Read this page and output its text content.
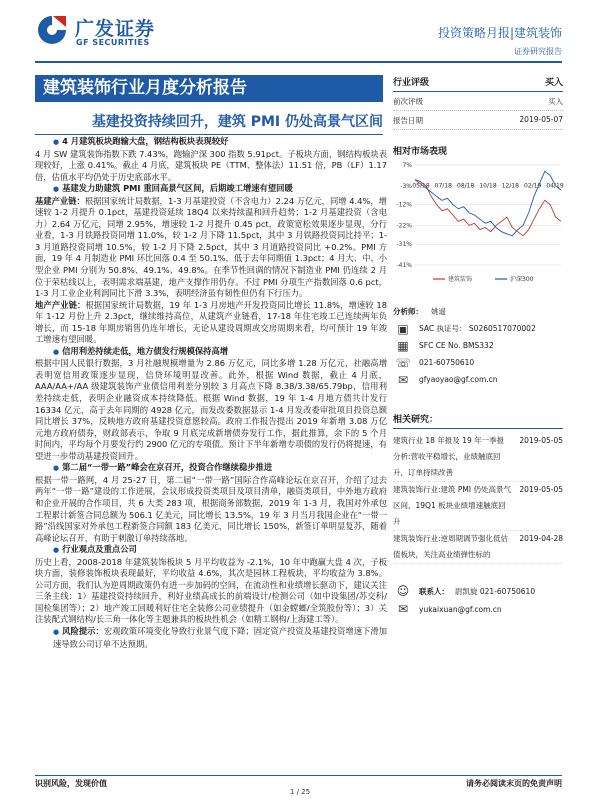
广发证券
GF SECURITIES
投资策略月报|建筑装饰
证券研究报告
建筑装饰行业月度分析报告
基建投资持续回升，建筑 PMI 仍处高景气区间

● 4 月建筑板块跑输大盘，钢结构板块表现较好

4 月 SW 建筑装饰指数下跌 7.43%，跑输沪深 300 指数 5.91pct。子板块方面，钢结构板块表现较好，上涨 0.41%。截止 4 月底，建筑板块 PE（TTM、整体法）11.51 倍，PB（LF）1.17 倍，估值水平均仍处于历史底部水平。

● 基建发力助建筑 PMI 重回高景气区间，后期竣工增速有望回暖

基建产业链：根据国家统计局数据，1-3 月基建投资（不含电力）2.24 万亿元，同增 4.4%，增速较 1-2 月提升 0.1pct，基建投资延续 18Q4 以来持续温和回升趋势；1-2 月基建投资（含电力）2.64 万亿元，同增 2.95%，增速较 1-2 月提升 0.45 pct，政策宽松效果逐步显现，分行业看，1-3 月铁路投资同增 11.0%，较 1-2 月下降 11.5pct，其中 3 月铁路投资同比持平；1-3 月道路投资同增 10.5%，较 1-2 月下降 2.5pct，其中 3 月道路投资同比 +0.2%。PMI 方面，19 年 4 月制造业 PMI 环比回落 0.4 至 50.1%，低于去年同期值 1.3pct；4 月大、中、小型企业 PMI 分别为 50.8%、49.1%、49.8%。在季节性回调的情况下制造业 PMI 仍连续 2 月位于荣枯线以上，表明需求端基建，地产支撑作用仍存。不过 PMI 分项生产指数回落 0.6 pct，1-3 月工业企业利润同比下滑 3.3%，表明经济虽有韧性但仍有下行压力。

地产产业链：根据国家统计局数据，19 年 1-3 月房地产开发投资同比增长 11.8%，增速较 18 年 1-12 月份上升 2.3pct，继续维持高位，从建筑产业链看，17-18 年住宅竣工已连续两年负增长，而 15-18 年期房销售仍连年增长，无论从建设周期或交房周期来看，均可预计 19 年竣工增速有望回暖。

● 信用利差持续走低，地方债发行规模保持高增

根据中国人民银行数据，3 月社融规模增量为 2.86 万亿元，同比多增 1.28 万亿元，社融高增表明宽信用政策逐步显现，信贷环境明显改善。此外，根据 Wind 数据，截止 4 月底，AAA/AA+/AA 级建筑装饰产业债信用利差分别较 3 月高点下降 8.38/3.38/65.79bp，信用利差持续走低，表明企业融资成本持续降低。根据 Wind 数据，19 年 1-4 月地方债共计发行 16334 亿元，高于去年同期的 4928 亿元，而发改委数据显示 1-4 月发改委审批项目投资总额同比增长 37%，反映地方政府基建投资意愿较高。政府工作报告提出 2019 年新增 3.08 万亿元地方政府债券，财政部表示，争取 9 月底完成新增债券发行工作，据此推算，余下的 5 个月时间内，平均每个月要发行约 2900 亿元的专项债。预计下半年新增专项债的发行仍将提速，有望进一步带动基建投资回升。

● 第二届“一带一路”峰会在京召开，投资合作继续稳步推进

根据一带一路网，4 月 25-27 日，第二届“一带一路”国际合作高峰论坛在京召开，介绍了过去两年“一带一路”建设的工作进展，会议形成投资类项目及项目清单，融资类项目，中外地方政府和企业开展的合作项目，共 6 大类 283 项，根据商务部数据，2019 年 1-3 月，我国对外承包工程累计新签合同总额为 506.1 亿美元，同比增长 13.5%，19 年 3 月当月我国企业在“一带一路”沿线国家对外承包工程新签合同额 183 亿美元，同比增长 150%，新签订单明显复苏，随着高峰论坛召开，有助于刺激订单持续落地。

● 行业观点及重点公司

历史上看，2008-2018 年建筑装饰板块 5 月平均收益为 -2.1%，10 年中跑赢大盘 4 次，子板块方面，装修装饰板块表现最好，平均收益 4.6%，其次是园林工程板块，平均收益为 3.8%。公司方面，我们认为逆周期政策仍有进一步加码的空间，在流动性和业绩增长驱动下，建议关注三条主线：1）基建投资持续回升，利好业绩高成长的前端设计/检测公司（如中设集团/苏交科/国检集团等）；2）地产竣工回暖利好住宅全装修公司业绩提升（如金螳螂/全筑股份等）；3）关注装配式钢结构/长三角一体化等主题兼具的板块性机会（如精工钢构/上海建工等）。

● 风险提示：宏观政策环境变化导致行业景气度下降；固定资产投资及基建投资增速下滑加速导致公司订单不达预期。

行业评级	买入
前次评级	买入
报告日期	2019-05-07
相对市场表现
7%
-3%
-12%
-22%
-31%
-41%
05/18 07/18 08/18 10/18 12/18 02/19 04/19
建筑装饰	沪深300
分析师： 姚遥
▣	SAC 执证号：
S0260517070002
▦	SFC CE No.
BMS332
☏	021-60750610
✉	gfyaoyao@gf.com.cn
相关研究：
建筑行业 18 年报及 19 年一季报分析:营收平稳增长，业绩触底回升，订单持续改善
2019-05-05
建筑装饰行业:建筑 PMI 仍处高景气区间，19Q1 板块业绩增速触底回升
2019-05-05
建筑装饰行业:逆周期调节强化低估值板块，关注高业绩弹性标的
2019-04-28
☺	联系人： 尉凯旋
021-60750610
✉	yukaixuan@gf.com.cn
识别风险，发现价值	请务必阅读末页的免责声明
1 / 25
